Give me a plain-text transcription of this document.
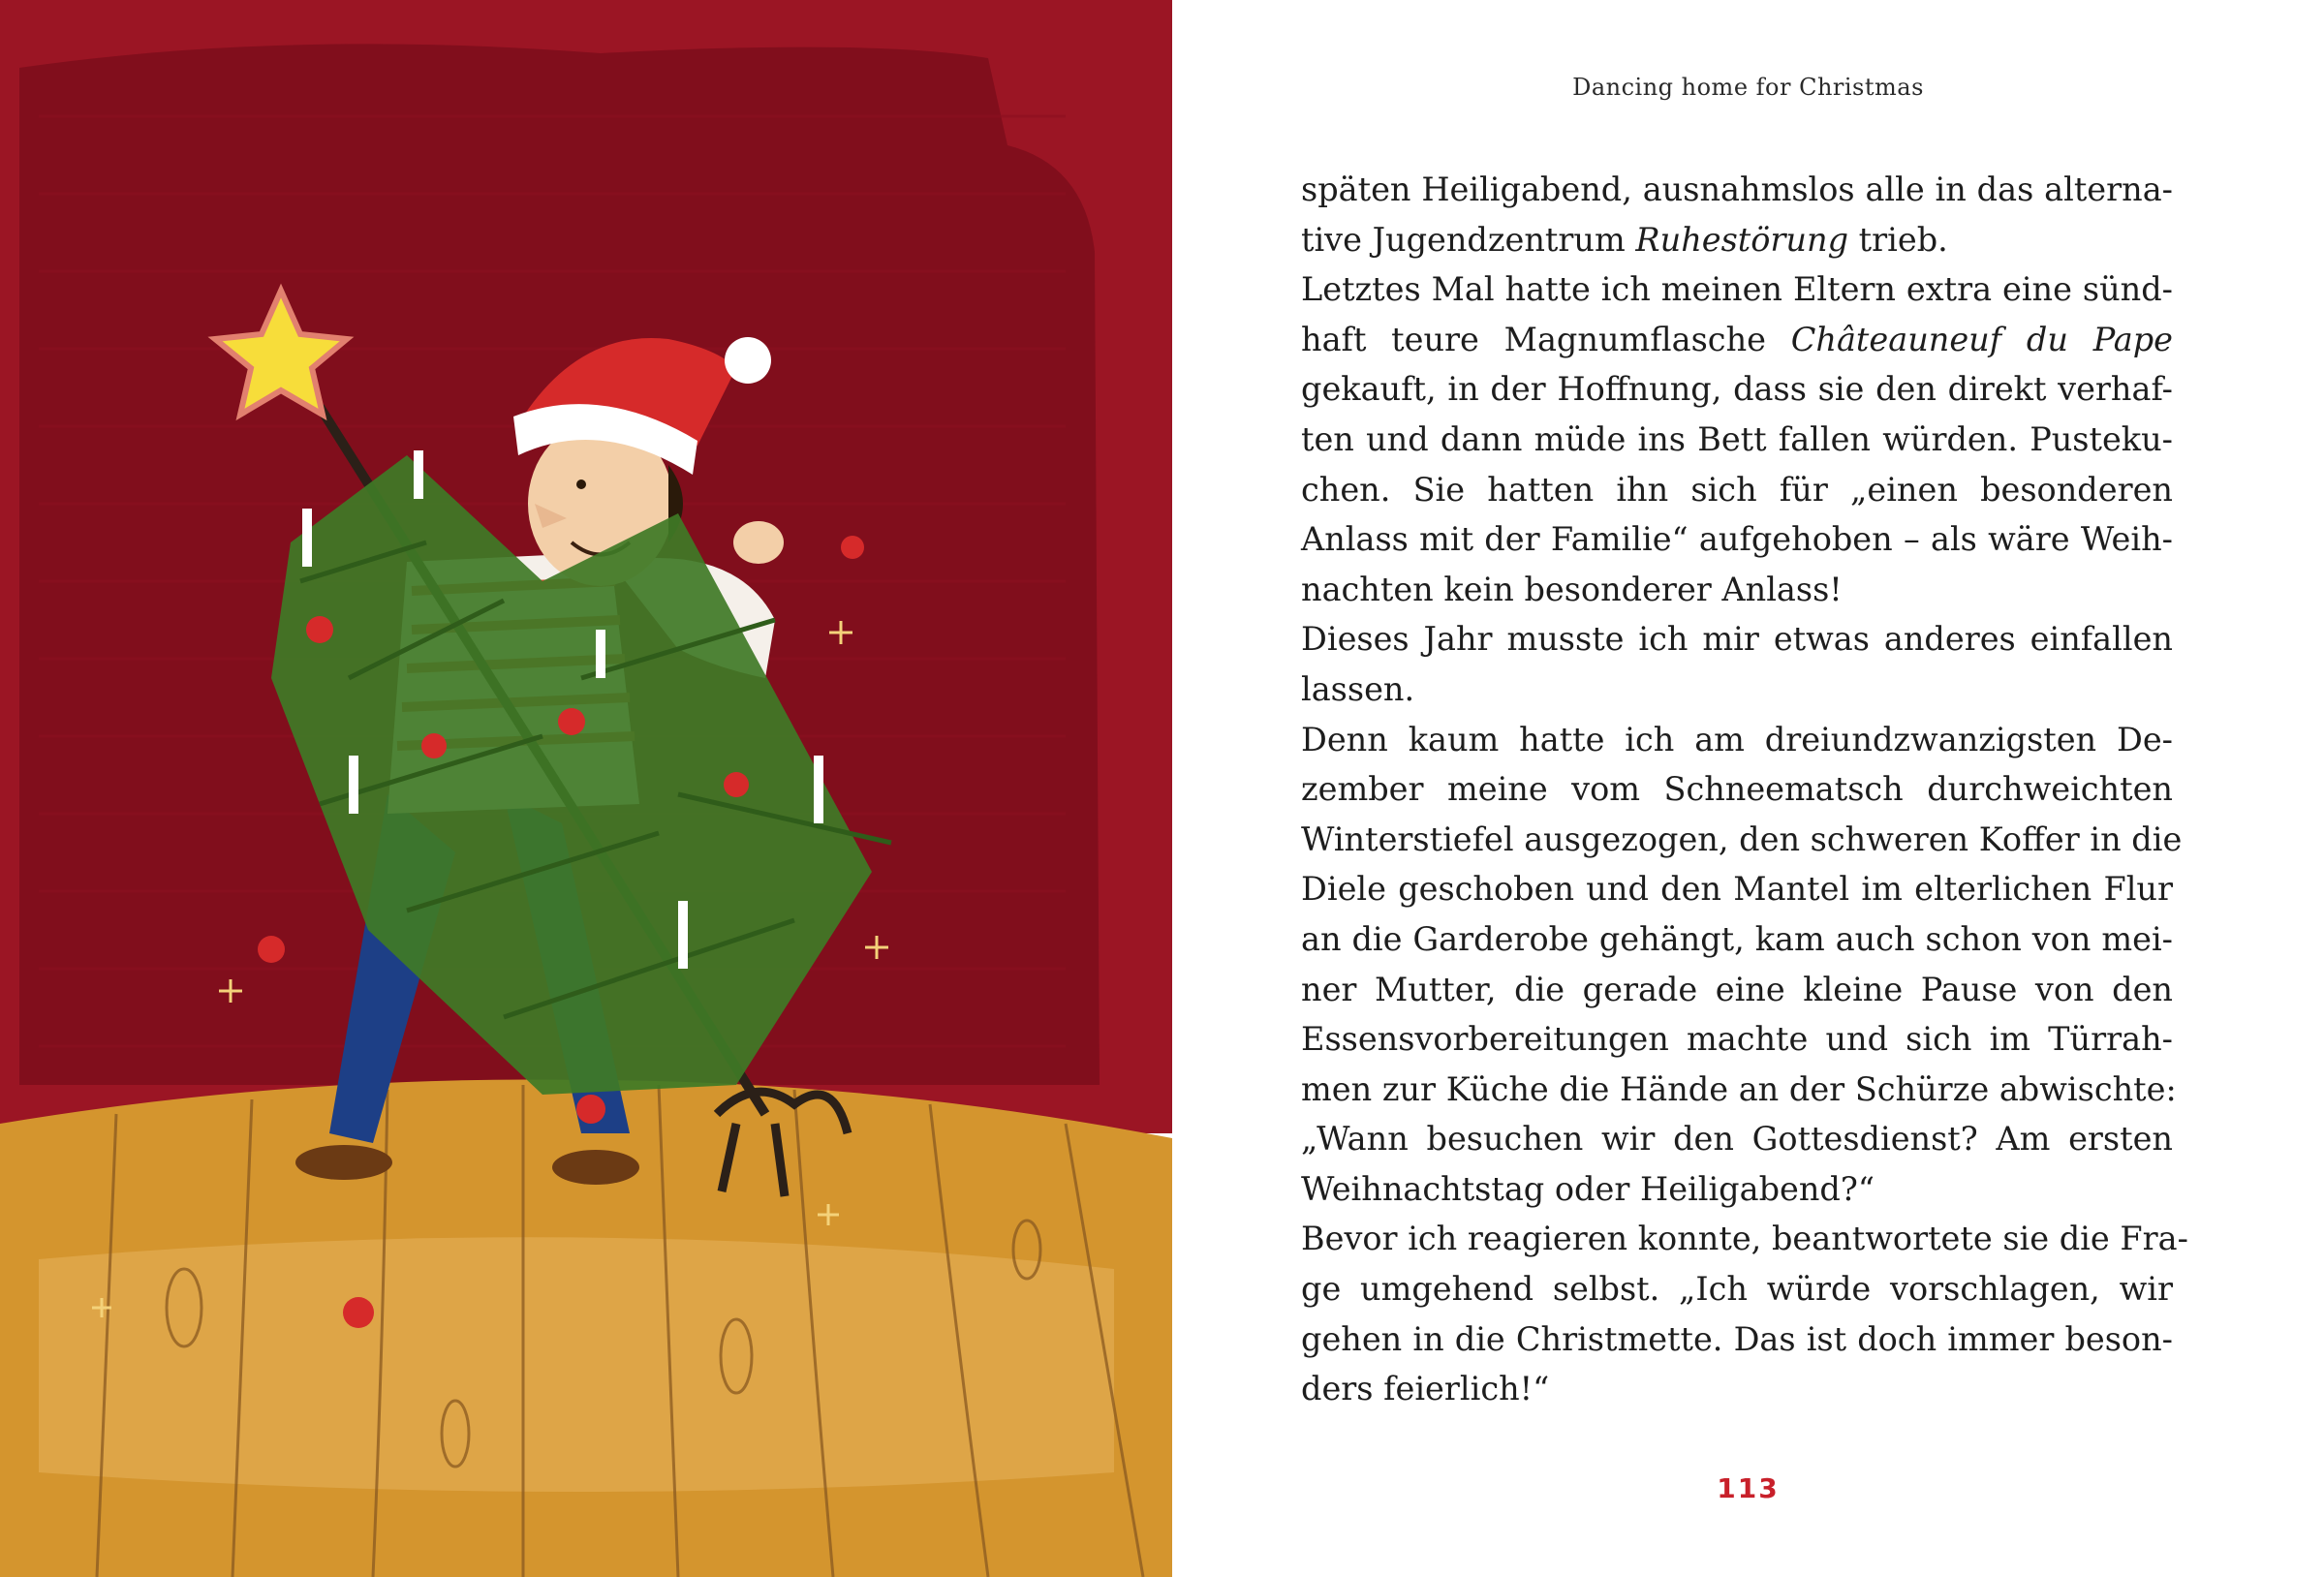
Dancing home for Christmas
späten Heiligabend, ausnahmslos alle in das alterna-
tive Jugendzentrum Ruhestörung trieb.
Letztes Mal hatte ich meinen Eltern extra eine sünd-
haft teure Magnumflasche Châteauneuf du Pape
gekauft, in der Hoffnung, dass sie den direkt verhaf-
ten und dann müde ins Bett fallen würden. Pusteku-
chen. Sie hatten ihn sich für „einen besonderen
Anlass mit der Familie“ aufgehoben – als wäre Weih-
nachten kein besonderer Anlass!
Dieses Jahr musste ich mir etwas anderes einfallen
lassen.
Denn kaum hatte ich am dreiundzwanzigsten De-
zember meine vom Schneematsch durchweichten
Winterstiefel ausgezogen, den schweren Koffer in die
Diele geschoben und den Mantel im elterlichen Flur
an die Garderobe gehängt, kam auch schon von mei-
ner Mutter, die gerade eine kleine Pause von den
Essensvorbereitungen machte und sich im Türrah-
men zur Küche die Hände an der Schürze abwischte:
„Wann besuchen wir den Gottesdienst? Am ersten
Weihnachtstag oder Heiligabend?“
Bevor ich reagieren konnte, beantwortete sie die Fra-
ge umgehend selbst. „Ich würde vorschlagen, wir
gehen in die Christmette. Das ist doch immer beson-
ders feierlich!“
113
